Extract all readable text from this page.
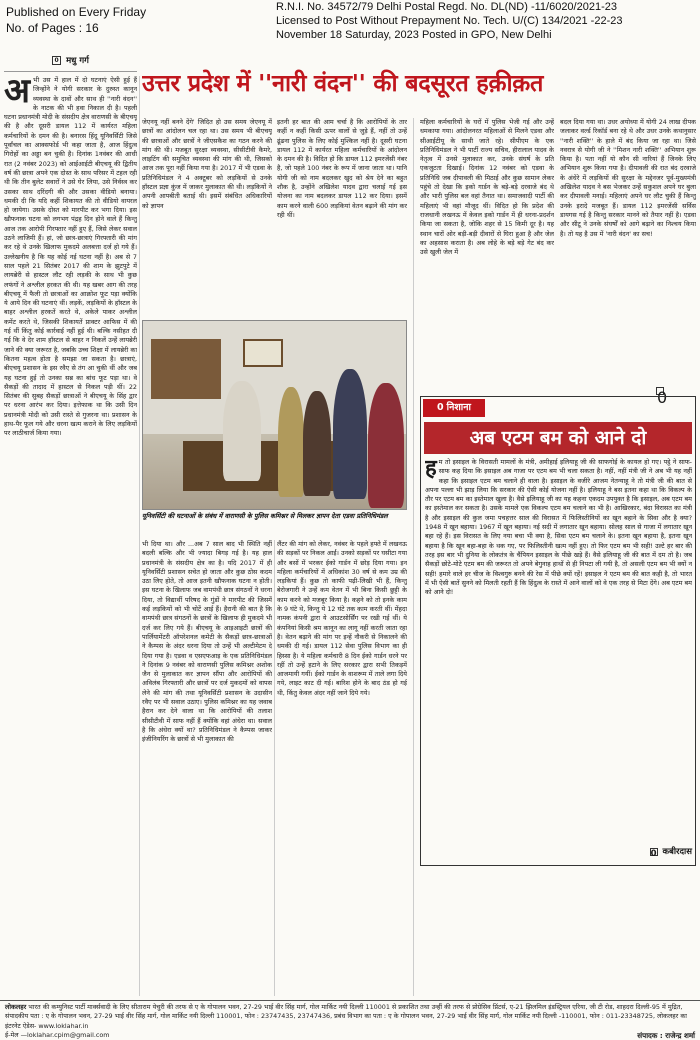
Published on Every Friday
No. of Pages : 16
R.N.I. No. 34572/79 Delhi Postal Regd. No. DL(ND) -11/6020/2021-23
Licensed to Post Without Prepayment No. Tech. U/(C) 134/2021 -22-23
November 18 Saturday, 2023 Posted in GPO, New Delhi
0 मधु गर्ग
उत्तर प्रदेश में ''नारी वंदन'' की बदसूरत हक़ीक़त
अ भी उस में हाल में दो घटनाएं ऐसी हुई हैं जिन्होंने ने योगी सरकार के दुरुस्त कानून व्यवस्था के दावों और साथ ही ''नारी वंदन'' के नाटक की भी हवा निकाल दी है। पहली घटना प्रधानमंत्री मोदी के संसदीय क्षेत्र वाराणसी के बीएचयू की है और दूसरी डायल 112 में कार्यरत महिला कर्मचारियों के दमन की है। बनारस हिंदू यूनिवर्सिटी जिसे पूर्वांचल का आक्सफोर्ड भी कहा जाता है, आज हिंदुत्व गिरोहों का अड्डा बन चुकी है। दिनांक 1नवंबर की आधी रात (2 नवंबर 2023) को आईआईटी बीएचयू की द्वितीय वर्ष की छात्रा अपने एक दोस्त के साथ परिसर में टहल रही थी कि तीन बुलेट सवारों ने उसे घेर लिया, उसे निर्वस्त्र कर उसका साथ दरिंदगी की और उसका वीडियो बनाया। धमकी दी कि यदि कहीं शिकायत की तो वीडियो वायरल हो जायेगा। उसके दोस्त को मारपीट कर भगा दिया। इस खौफनाक घटना को लगभग पंद्रह दिन होने वाले हैं किन्तु आज तक आरोपी गिरफ्तार नहीं हुए हैं, जिसे लेकर सवाल उठने लाजिमी हैं। हां, जो छात्र-छात्राएं गिरफ्तारी की मांग कर रहे थे उनके खिलाफ मुकदमे अलबत्ता दर्ज हो गये हैं। उल्लेखनीय है कि यह कोई नई घटना नहीं है। अब से 7 साल पहले 21 सितंबर 2017 की शाम के झुटपुटे में लायब्रेरी से हास्टल लौट रही लड़की के साथ भी कुछ लफंगों ने अश्लील हरकत की थी। यह खबर आग की तरह बीएचयू में फैली तो छात्राओं का आक्रोश फूट पड़ा क्योंकि ये आये दिन की घटनाएं थीं। लड़कें, लड़कियों के हॉस्टल के बाहर अश्लील हरकतें करते थे, अकेले पाकर अश्लील कमेंट करते थे, जिसकी शिकायतें प्राक्टर आफिस में की गई थीं किंतु कोई कार्रवाई नहीं हुई थी। बल्कि नसीहत दी गई कि वे देर शाम हॉस्टल से बाहर न निकलें उन्हें लायब्रेरी जाने की क्या जरूरत है, जबकि उच्च शिक्षा में लायब्रेरी का कितना महत्व होता है समझा जा सकता है। छात्राएं, बीएचयू प्रशासन के इस रवैए से तंग आ चुकी थीं और जब यह घटना हुई तो उनका सब्र का बांध फूट पड़ा था। वे सैकड़ों की तादाद में हास्टल से निकल पड़ी थीं। 22 सितंबर की सुबह सैकड़ों छात्राओं ने बीएचयू के सिंह द्वार पर धरना आरंभ कर दिया। इत्तेफाक था कि उसी दिन प्रधानमंत्री मोदी को उसी रास्ते से गुजरना था। प्रशासन के हाथ-पैर फूल गये और धरना खत्म कराने के लिए लड़कियों पर लाठीचार्ज किया गया।
जेएनयू नहीं बनने देंगे' जिदित हो उस समय जेएनयू में छात्रों का आंदोलन चल रहा था। उस समय भी बीएचयू की छात्राओं और छात्रों ने जीएसकैश का गठन करने की मांग की थी। मजबूत सुरक्षा व्यवस्था, सीसीटीवी कैमरे, लाइटिंग की समुचित व्यवस्था की मांग की थी, जिसको आज तक पूरा नहीं किया गया है। 2017 में भी एडवा के प्रतिनिधिमंडल ने 4 अक्टूबर को लड़कियों से उनके हॉस्टल प्रज्ञा कुंज में जाकर मुलाकात की थी। लड़कियों ने अपनी आपबीती बताई थी। इसमें संबंधित अधिकारियों को ज्ञापन
इतनी हर बात की आम चर्चा है कि आरोपियों के तार कहीं न कहीं किसी ऊपर वालों से जुड़े हैं, नहीं तो उन्हें ढूंढना पुलिस के लिए कोई मुश्किल नहीं है। दूसरी घटना डायल 112 में कार्यरत महिला कर्मचारियों के आंदोलन के दमन की है। विदित हो कि डायल 112 इमरजेंसी नंबर है, जो पहले 100 नंबर के रूप में जाना जाता था। यानि योगी जी को नाम बदलकर खुद को श्रेय देने का बहुत शौक है, उन्होंने अखिलेश यादव द्वारा चलाई गई इस योजना का नाम बदलकर डायल 112 कर दिया। इसमें काम करने वाली 600 लड़कियां वेतन बढ़ाने की मांग कर रही थीं।
यूनिवर्सिटी की घटनाओं के संबंध में वाराणसी के पुलिस कमिश्नर से मिलकर ज्ञापन देता एडवा प्रतिनिधिमंडल
भी दिया था। और ...अब 7 साल बाद भी स्थिति नहीं बदली बल्कि और भी ज्यादा बिगड़ गई है। यह हाल प्रधानमंत्री के संसदीय क्षेत्र का है। यदि 2017 में ही यूनिवर्सिटी प्रशासन सचेत हो जाता और कुछ ठोस कदम उठा लिए होते, तो आज इतनी खौफनाक घटना न होती। इस घटना के खिलाफ जब वामपंथी छात्र संगठनों ने धरना दिया, तो विद्यार्थी परिषद के गुंडों ने मारपीट की जिसमें कई लड़कियों को भी चोटें आई हैं। हैरानी की बात है कि वामपंथी छात्र संगठनों के छात्रों के खिलाफ ही मुकदमे भी दर्ज कर लिए गये हैं। बीएचयू के आइआइटी छात्रों की पार्लियामेंटरी ऑपरेशनल कमेटी के सैकड़ों छात्र-छात्राओं ने कैम्पस के अंदर धरना दिया तो उन्हें भी अल्टीमेटम दे दिया गया है। एडवा व एसएफआइ के एक प्रतिनिधिमंडल ने दिनांक 9 नवंबर को वाराणसी पुलिस कमिश्नर अशोक जैन से मुलाकात कर ज्ञापन सौंपा और आरोपियों की अविलंब गिरफ्तारी और छात्रों पर दर्ज मुकदमों को वापस लेने की मांग की तथा यूनिवर्सिटी प्रशासन के उदासीन रवैए पर भी सवाल उठाए। पुलिस कमिश्नर का यह जवाब हैरान कर देने वाला था कि आरोपियों की तलाश सीसीटीवी में साफ नहीं हैं क्योंकि वहां अंधेरा था। सवाल है कि अंधेरा क्यों था? प्रतिनिधिमंडल ने कैम्पस जाकर इंजीनियरिंग के छात्रों से भी मुलाकात की
लैंटर की मांग को लेकर, नवंबर के पहले हफ्ते में लखनऊ की सड़कों पर निकल आईं। उनको सड़कों पर घसीटा गया और बसों में भरकर ईको गार्डन में छोड़ दिया गया। इन महिला कर्मचारियों में अधिकांश 30 वर्ष से कम उम्र की लड़कियां हैं। कुछ तो काफी पढ़ी-लिखी भी हैं, किन्तु बेरोजगारी ने उन्हें कम वेतन में भी बिना किसी छुट्टी के काम करने को मजबूर किया है। कहने को तो इनके काम के 9 घंटे थे, किन्तु ये 12 घंटे तक काम करती थीं। मेंहदा नामक कंपनी द्वारा ये आउटसोर्सिंग पर रखी गई थीं। ये कंपनियां किसी श्रम कानून का लागू नहीं करती जाता रहा है। वेतन बढ़ाने की मांग पर इन्हें नौकरी से निकालने की धमकी दी गई। डायल 112 सेवा पुलिस विभाग का ही हिस्सा है। ये महिला कर्मचारी 8 दिन ईको गार्डन धरने पर रहीं तो उन्हें हटाने के लिए सरकार द्वारा सभी तिकड़में आजमायी गयीं। ईको गार्डन के वाशरूम में ताले लगा दिये गये, लाइट काट दी गई। बारिश होने के बाद ठंड हो गई थी, किंतु केवल अंदर नहीं जाने दिये गये।
महिला कर्मचारियों के घरों में पुलिस भेजी गई और उन्हें धमकाया गया। आंदोलनरत महिलाओं से मिलने एडवा और सीआईटीयू के साथी जाते रहे। सीपीएम के एक प्रतिनिधिमंडल ने भी पार्टी राज्य सचिव, हीरालाल यादव के नेतृत्व में उनसे मुलाकात कर, उनके संघर्ष के प्रति एकजुटता दिखाई। दिनांक 12 नवंबर को एडवा के प्रतिनिधि जब दीपावली की मिठाई और कुछ सामान लेकर पहुंचे तो देखा कि इको गार्डन के बड़े-बड़े दरवाजे बंद थे और भारी पुलिस बल वहां तैनात था। समाजवादी पार्टी की महिलाएं भी वहां मौजूद थीं। विदित हो कि प्रदेश की राजधानी लखनऊ में केवल इको गार्डन में ही धरना-प्रदर्शन किया जा सकता है, जोकि शहर से 15 किमी दूर है। यह स्थान चारों ओर बड़ी-बड़ी दीवारों से घिरा हुआ है और जेल का अहसास कराता है। अब लोहे के बड़े बड़े गेट बंद कर उसे खुली जेल में
बदल दिया गया था। उधर अयोध्या में योगी 24 लाख दीपक जलाकर वर्ल्ड रिकॉर्ड बना रहे थे और उधर उनके कथानुसार ''नारी शक्ति'' के हाले में बंद किया जा रहा था। जिसे नवरात्र से योगी जी ने ''मिशन नारी शक्ति'' अभियान शुरू किया है। पता नहीं यो कौन सी नारियां हैं जिनके लिए अभियान शुरू किया गया है। दीपावली की रात बंद दरवाजे के अंधेरे में लड़कियों की सुरक्षा के मद्देनजर पूर्व-मुख्यमंत्री अखिलेश यादव ने बस भेजकर उन्हें सकुशल अपने घर बुला कर दीपावली मनाई। महिलाएं अपने घर लौट चुकी हैं किन्तु उनके इरादे मजबूत हैं। डायल 112 इमरजेंसी सर्विस डायगस गई है किन्तु सरकार मानने को तैयार नहीं है। एडवा और सीटू ने उनके संघर्षों को आगे बढ़ाने का निश्चय किया है। तो यह है उस में 'नारी वंदन' का सच!
0
0 निशाना
अब एटम बम को आने दो
ह म तो इसाइल के विरासती मामलों के मंत्री, अमीहाई इलियाहू जी की साफगोई के कायल हो गए। पट्ठे ने साफ-साफ कह दिया कि इसाइल अब गाजा पर एटम बम भी चला सकता है। नहीं, नहीं मंत्री जी ने अब भी यह नहीं कहा कि इसाइल एटम बम चलाने ही वाला है। इसाइल के वजीरे आजम नेतन्याहू ने तो मंत्री जी की बात से अपना पल्ला भी झाड़ लिया कि सरकार की ऐसी कोई योजना नहीं है। इलियाहू ने बस इतना कहा था कि विकल्प के तौर पर एटम बम का इस्तेमाल खुला है। वैसे इलियाहू जी का यह कहना एकदम उपयुक्त है कि इसाइल, अब एटम बम का इस्तेमाल कर सकता है। उसके मामले एक विकल्प एटम बम चलाने का भी है। आखिरकार, बंदा विरासत का मंत्री है और इसाइल की कुल जमा पचहत्तर साल की विरासत में फिलिस्तीनियों का खून बहाने के सिवा और है क्या? 1948 में खून बहाया। 1967 में खून बहाया। नई सदी में लगातार खून बहाया। सोलह साल से गाजा में लगातार खून बहा रहे हैं। इस विरासत के लिए नया बचा भी क्या है, सिवा एटम बम चलाने के। इतना खून बहाया है, इतना खून बहाया है कि खून बहा-बहा के थक गए, पर फिलिस्तीनी खत्म नहीं हुए। तो फिर एटम बम भी सही! उल्टे हर बार की तरह इस बार भी दुनिया के लोकतंत्र के चैंपियन इसाइल के पीछे खड़े हैं। वैसे इलियाहू जी की बात में दम तो है। जब सैकड़ों छोटे-मोटे एटम बम की जरूरत तो अपने बेगुनाह हाथों से ही निपटा ली गयी है, तो असली एटम बम भी क्यों न सही! हमारे वाले हर चीज के विश्वगुरु बनने की रेस में पीछे क्यों रहें! इसाइल ने एटम बम की बात कही है, तो भारत में भी ऐसी बातें सुनने को मिलती रहती हैं कि हिंदुत्व के रास्ते में आने वालों को वे एक तरह से मिटा देंगे। अब एटम बम को आने दो!
0 कबीरदास
लोकलहर भारत की कम्युनिस्ट पार्टी मार्क्सवादी के लिए सीताराम येचुरी की तरफ से ए के गोपालन भवन, 27-29 भाई वीर सिंह मार्ग, गोल मार्किट नयी दिल्ली 110001 से प्रकाशित तथा उन्हीं की तरफ से प्रोग्रेसिव प्रिंटर्स, ए-21 झिलमिल इंडस्ट्रियल एरिया, जी टी रोड, शाहदरा दिल्ली-95 में मुद्रित, संपादकीय पता : ए के गोपालन भवन, 27-29 भाई वीर सिंह मार्ग, गोल मार्किट नयी दिल्ली 110001, फोन : 23747435, 23747436, प्रबंध विभाग का पता : ए के गोपालन भवन, 27-29 भाई वीर सिंह मार्ग, गोल मार्किट नयी दिल्ली -110001, फोन : 011-23348725, लोकलहर का इंटरनेट ऐडेस- www.loklahar.in
ई-मेल —loklahar.cpim@gmail.com	संपादक : राजेन्द्र शर्मा
